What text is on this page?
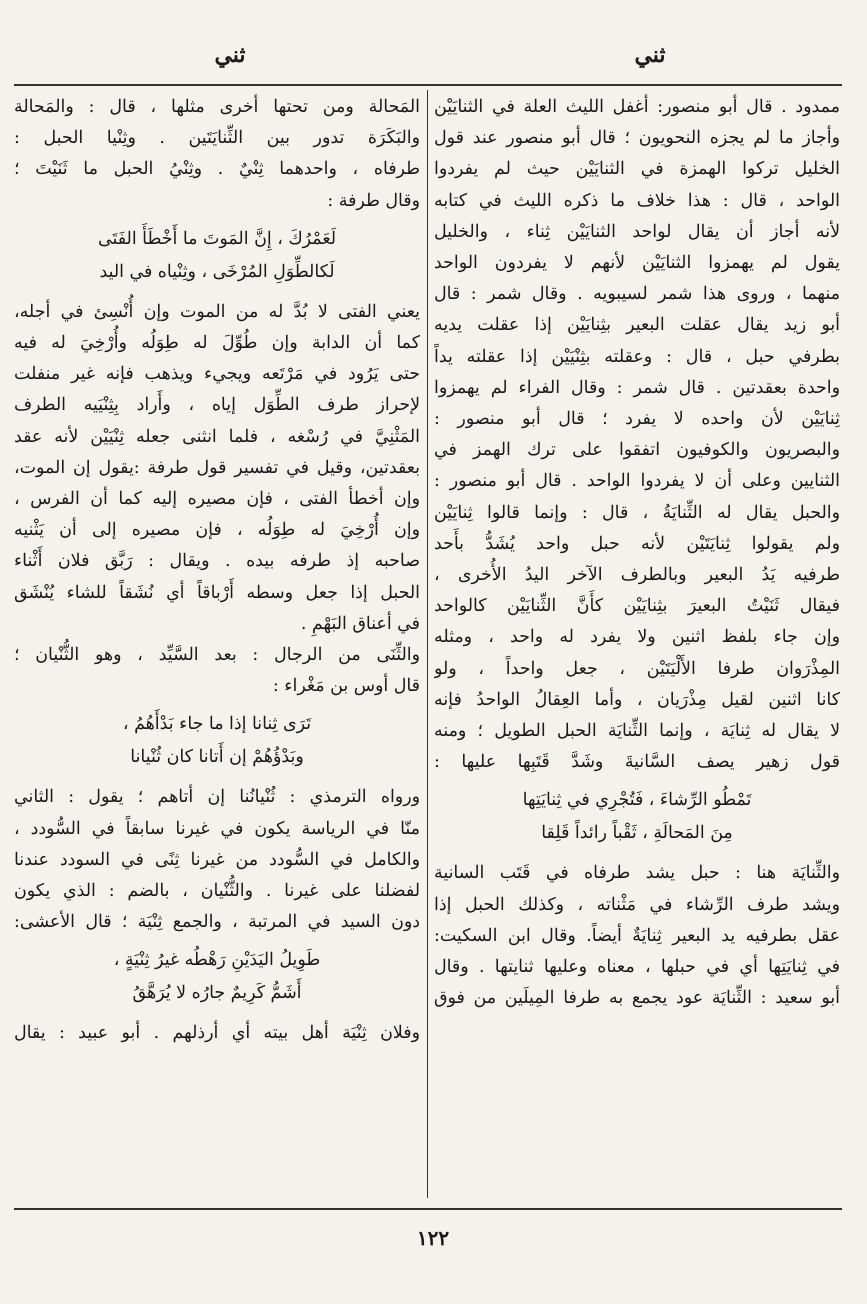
ثني
ثني
ممدود . قال أبو منصور: أغفل الليث العلة في الثنايَيْن
وأجاز ما لم يجزه النحويون ؛ قال أبو منصور عند قول
الخليل تركوا الهمزة في الثنايَيْن حيث لم يفردوا
الواحد ، قال : هذا خلاف ما ذكره الليث في كتابه
لأنه أجاز أن يقال لواحد الثنايَيْن ثِناء ، والخليل
يقول لم يهمزوا الثنايَيْن لأنهم لا يفردون الواحد
منهما ، وروى هذا شمر لسيبويه . وقال شمر : قال
أبو زيد يقال عقلت البعير بثِنايَيْن إذا عقلت يديه
بطرفي حبل ، قال : وعقلته بثِنْيَيْن إذا عقلته يداً
واحدة بعقدتين . قال شمر : وقال الفراء لم يهمزوا
ثِنايَيْن لأن واحده لا يفرد ؛ قال أبو منصور :
والبصريون والكوفيون اتفقوا على ترك الهمز في
الثنايين وعلى أن لا يفردوا الواحد . قال أبو منصور :
والحبل يقال له الثِّنايَةُ ، قال : وإنما قالوا ثِنايَيْن
ولم يقولوا ثِنايَتَيْن لأنه حبل واحد يُشَدُّ بأَحد
طرفيه يَدُ البعير وبالطرف الآخر اليدُ الأُخرى ،
فيقال ثَنَيْتُ البعيرَ بثِنايَيْن كأَنَّ الثِّنايَيْن كالواحد
وإن جاء بلفظ اثنين ولا يفرد له واحد ، ومثله
المِذْرَوان طرفا الأَلْيَتَيْن ، جعل واحداً ، ولو
كانا اثنين لقيل مِذْرَيان ، وأما العِقالُ الواحدُ فإنه
لا يقال له ثِنايَة ، وإنما الثِّنايَة الحبل الطويل ؛ ومنه
قول زهير يصف السَّانيةَ وشَدَّ قَتَبِها عليها :
تَمْطُو الرِّشاءَ ، فَتُجْرِي في ثِنايَتِها
مِنَ المَحالَةِ ، ثَقْباً رائداً قَلِقا
والثِّنايَة هنا : حبل يشد طرفاه في قَتَب السانية
ويشد طرف الرِّشاء في مَثْناته ، وكذلك الحبل إذا
عقل بطرفيه يد البعير ثِنايَةٌ أيضاً. وقال ابن السكيت:
في ثِنايَتِها أي في حبلها ، معناه وعليها ثنايتها . وقال
أبو سعيد : الثِّنايَة عود يجمع به طرفا المِيلَين من فوق
المَحالة ومن تحتها أخرى مثلها ، قال : والمَحالة
والبَكَرَة تدور بين الثِّنايَتَين . وثِنْيا الحبل :
طرفاه ، واحدهما ثِنْيٌ . وثِنْيُ الحبل ما ثَنَيْتَ ؛
وقال طرفة :
لَعَمْرُكَ ، إِنَّ المَوتَ ما أَخْطَأَ الفَتَى
لَكالطِّوَلِ المُرْخَى ، وثِنْياه في اليد
يعني الفتى لا بُدَّ له من الموت وإن أُنْسِئ في أجله،
كما أن الدابة وإن طُوِّلَ له طِوَلُه وأُرْخِيَ له فيه
حتى يَرُود في مَرْتَعه ويجيء ويذهب فإنه غير منفلت
لإحراز طرف الطِّوَل إياه ، وأَراد بِثِنْيَيه الطرف
المَثْنِيَّ في رُسْغه ، فلما انثنى جعله ثِنْيَيْن لأنه عقد
بعقدتين، وقيل في تفسير قول طرفة :يقول إن الموت،
وإن أخطأ الفتى ، فإن مصيره إليه كما أن الفرس ،
وإن أُرْخِيَ له طِوَلُه ، فإن مصيره إلى أن يَثْنيه
صاحبه إذ طرفه بيده . ويقال : رَبَّق فلان أَثْناء
الحبل إذا جعل وسطه أَرْباقاً أي نُشَقاً للشاء يُنْشَق
في أعناق البَهْمِ .
والثِّنَى من الرجال : بعد السَّيِّد ، وهو الثُّنْيان ؛
قال أوس بن مَغْراء :
تَرَى ثِنانا إذا ما جاء بَدْأَهُمُ ،
وبَدْؤُهُمْ إن أَتانا كان ثُنْيانا
ورواه الترمذي : ثُنْيانُنا إن أتاهم ؛ يقول : الثاني
منّا في الرياسة يكون في غيرنا سابقاً في السُّودد ،
والكامل في السُّودد من غيرنا ثِنًى في السودد عندنا
لفضلنا على غيرنا . والثُّنْيان ، بالضم : الذي يكون
دون السيد في المرتبة ، والجمع ثِنْيَة ؛ قال الأعشى:
طَوِيلُ اليَدَيْنِ رَهْطُه غيرُ ثِنْيَةٍ ،
أَشَمُّ كَرِيمٌ جارُه لا يُرَهَّقُ
وفلان ثِنْيَة أهل بيته أي أرذلهم . أبو عبيد : يقال
١٢٢
